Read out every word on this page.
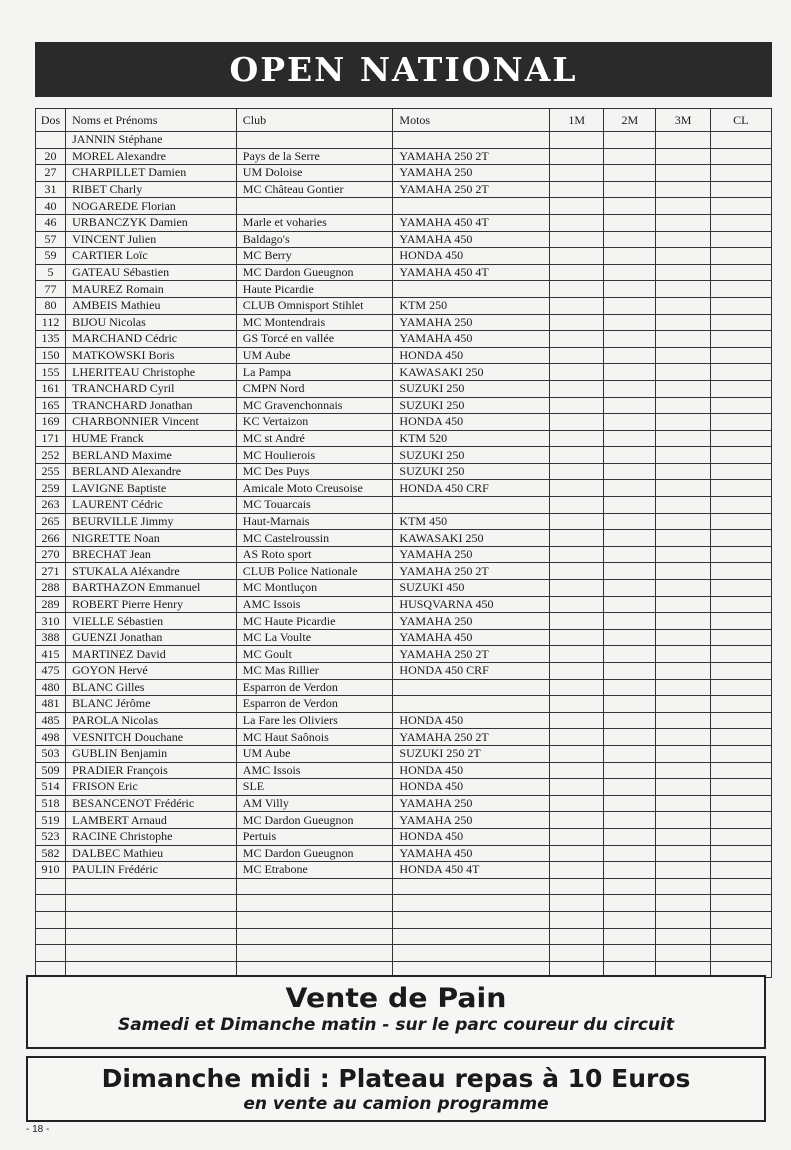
OPEN NATIONAL
Dos	Noms et Prénoms	Club	Motos	1M	2M	3M	CL
	JANNIN Stéphane						
20	MOREL Alexandre	Pays de la Serre	YAMAHA 250 2T				
27	CHARPILLET Damien	UM Doloise	YAMAHA 250				
31	RIBET Charly	MC Château Gontier	YAMAHA 250 2T				
40	NOGAREDE Florian						
46	URBANCZYK Damien	Marle et voharies	YAMAHA 450 4T				
57	VINCENT Julien	Baldago's	YAMAHA 450				
59	CARTIER Loïc	MC Berry	HONDA 450				
5	GATEAU Sébastien	MC Dardon Gueugnon	YAMAHA 450 4T				
77	MAUREZ Romain	Haute Picardie					
80	AMBEIS Mathieu	CLUB Omnisport Stihlet	KTM 250				
112	BIJOU Nicolas	MC Montendrais	YAMAHA 250				
135	MARCHAND Cédric	GS Torcé en vallée	YAMAHA 450				
150	MATKOWSKI Boris	UM Aube	HONDA 450				
155	LHERITEAU Christophe	La Pampa	KAWASAKI 250				
161	TRANCHARD Cyril	CMPN Nord	SUZUKI 250				
165	TRANCHARD Jonathan	MC Gravenchonnais	SUZUKI 250				
169	CHARBONNIER Vincent	KC Vertaizon	HONDA 450				
171	HUME Franck	MC st André	KTM 520				
252	BERLAND Maxime	MC Houlierois	SUZUKI 250				
255	BERLAND Alexandre	MC Des Puys	SUZUKI 250				
259	LAVIGNE Baptiste	Amicale Moto Creusoise	HONDA 450 CRF				
263	LAURENT Cédric	MC Touarcais					
265	BEURVILLE Jimmy	Haut-Marnais	KTM 450				
266	NIGRETTE Noan	MC Castelroussin	KAWASAKI 250				
270	BRECHAT Jean	AS Roto sport	YAMAHA 250				
271	STUKALA Aléxandre	CLUB Police Nationale	YAMAHA 250 2T				
288	BARTHAZON Emmanuel	MC Montluçon	SUZUKI 450				
289	ROBERT Pierre Henry	AMC Issois	HUSQVARNA 450				
310	VIELLE Sébastien	MC Haute Picardie	YAMAHA 250				
388	GUENZI Jonathan	MC La Voulte	YAMAHA 450				
415	MARTINEZ David	MC Goult	YAMAHA 250 2T				
475	GOYON Hervé	MC Mas Rillier	HONDA 450 CRF				
480	BLANC Gilles	Esparron de Verdon					
481	BLANC Jérôme	Esparron de Verdon					
485	PAROLA Nicolas	La Fare les Oliviers	HONDA 450				
498	VESNITCH Douchane	MC Haut Saônois	YAMAHA 250 2T				
503	GUBLIN Benjamin	UM Aube	SUZUKI 250 2T				
509	PRADIER François	AMC Issois	HONDA 450				
514	FRISON Eric	SLE	HONDA 450				
518	BESANCENOT Frédéric	AM Villy	YAMAHA 250				
519	LAMBERT Arnaud	MC Dardon Gueugnon	YAMAHA 250				
523	RACINE Christophe	Pertuis	HONDA 450				
582	DALBEC Mathieu	MC Dardon Gueugnon	YAMAHA 450				
910	PAULIN Frédéric	MC Etrabone	HONDA 450 4T				

Vente de Pain
Samedi et Dimanche matin - sur le parc coureur du circuit
Dimanche midi : Plateau repas à 10 Euros
en vente au camion programme
- 18 -
